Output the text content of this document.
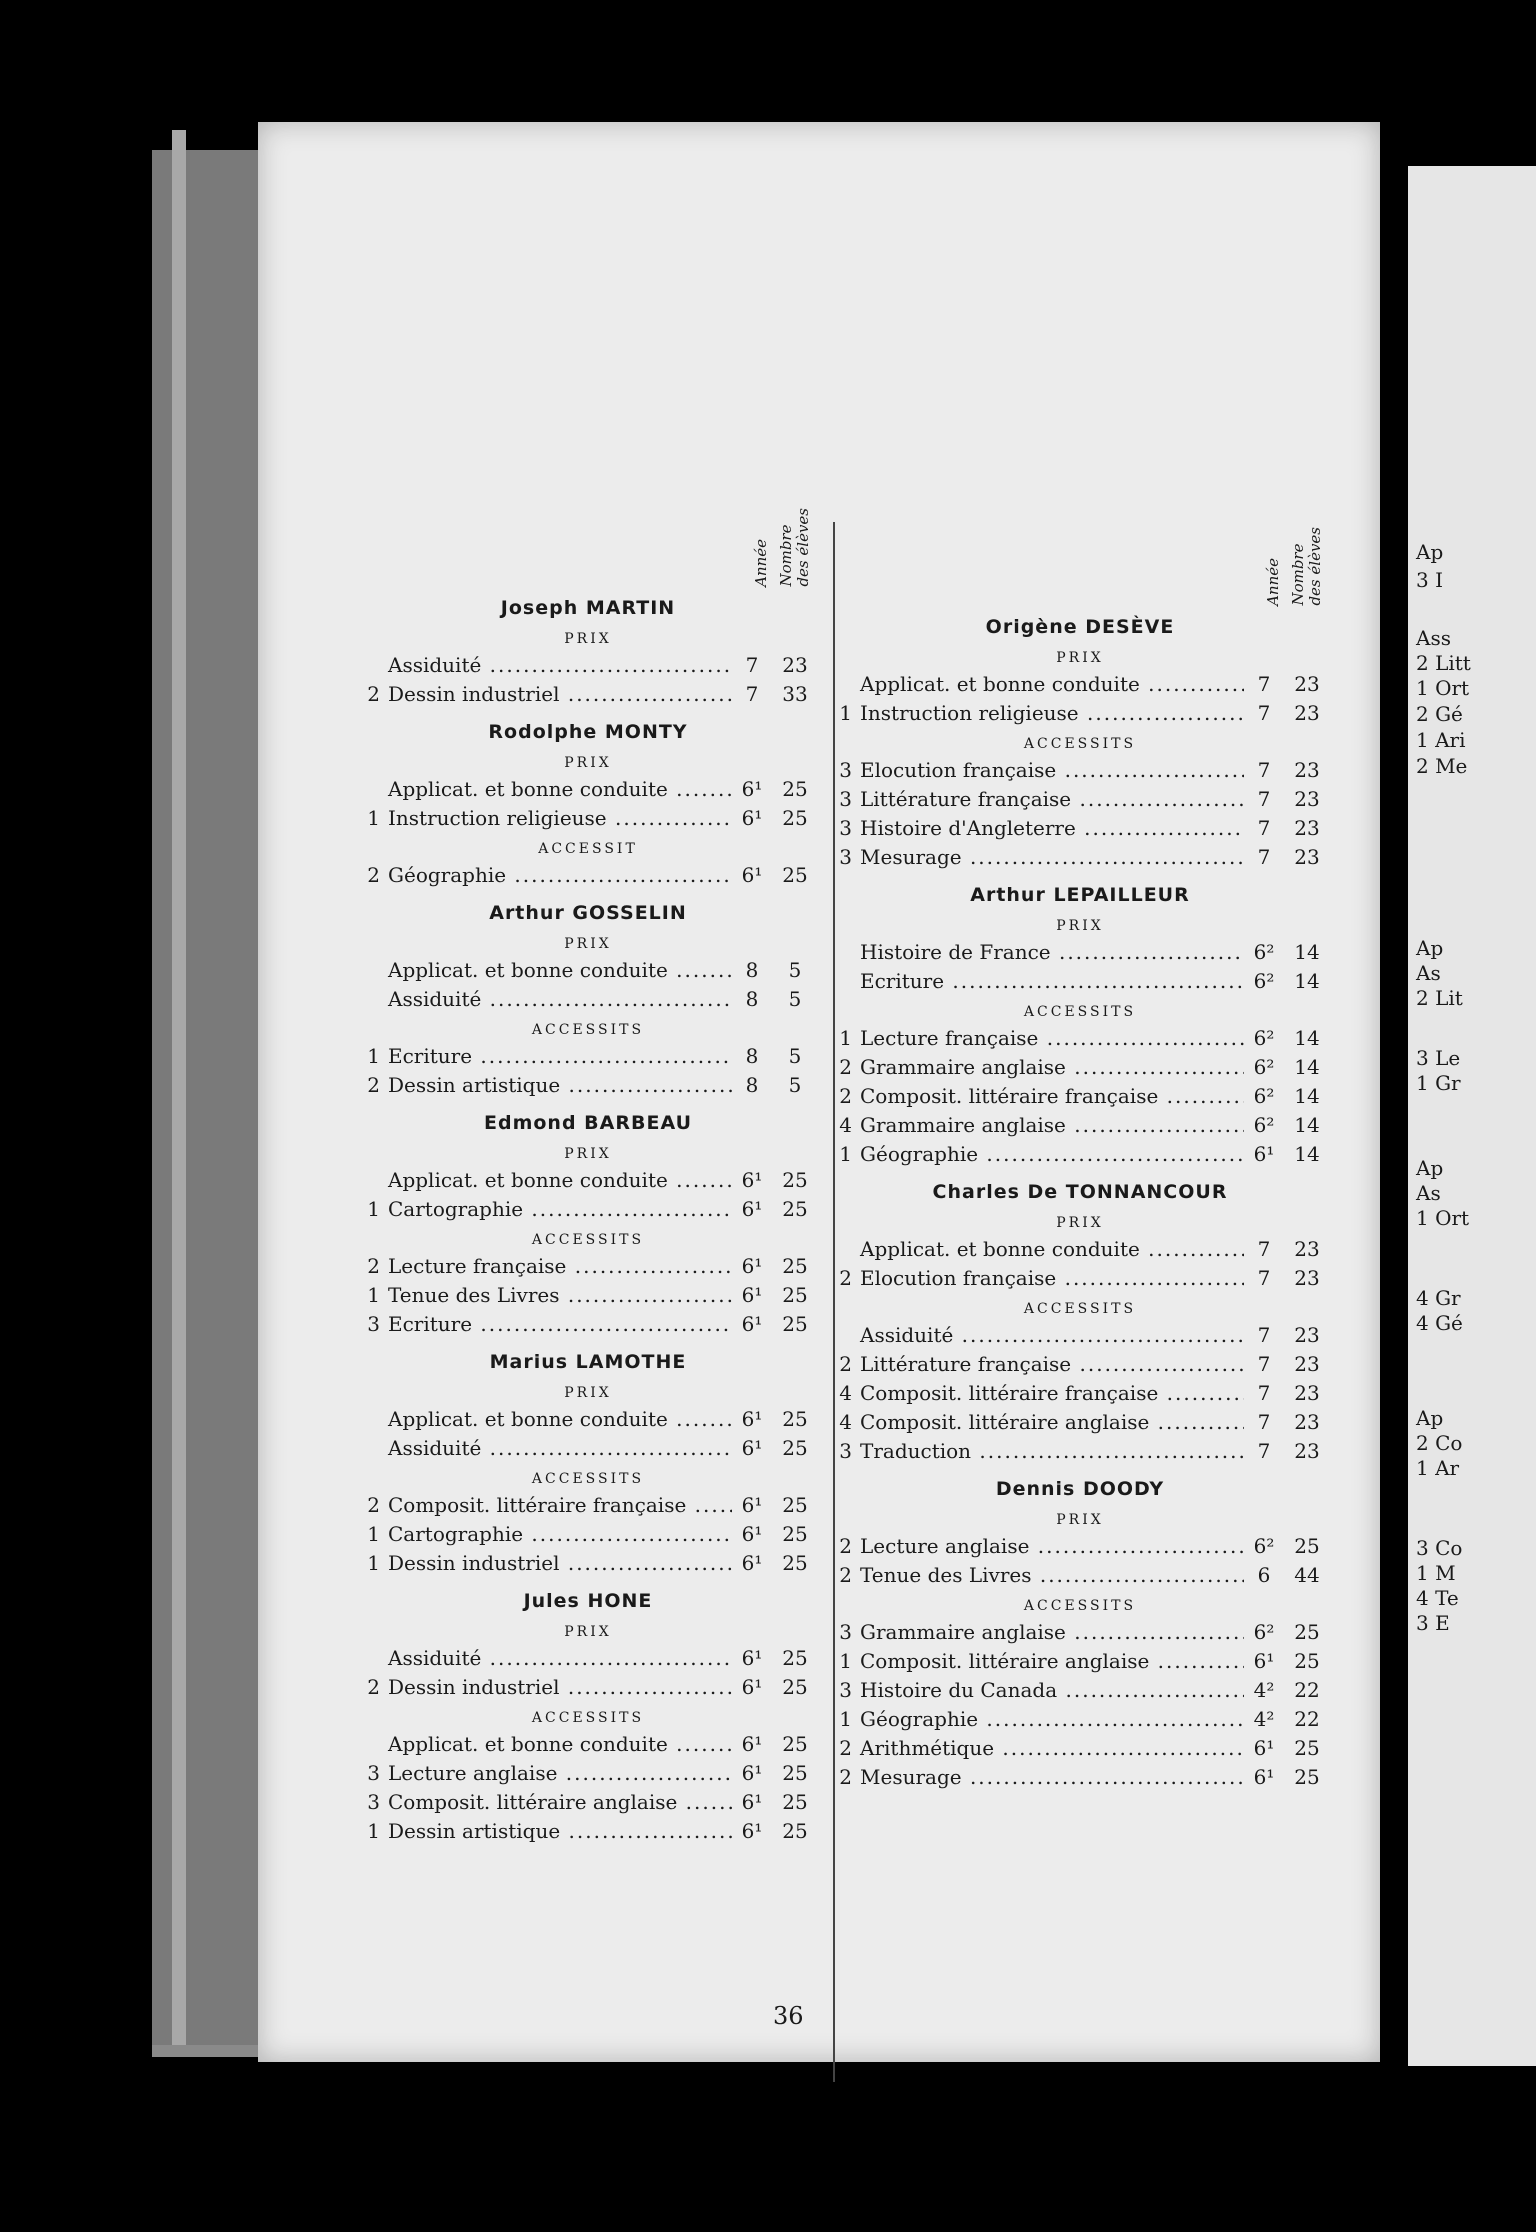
Année Nombre
des élèves
Joseph MARTIN
PRIX
Assiduité .....	7	23
2 Dessin industriel .....	7	33
Rodolphe MONTY
PRIX
Applicat. et bonne conduite .....	6¹ 25
1 Instruction religieuse .....	6¹ 25
ACCESSIT
2 Géographie .....	6¹ 25
Arthur GOSSELIN
PRIX
Applicat. et bonne conduite .....	8	5
Assiduité .....	8	5
ACCESSITS
1 Ecriture .....	8	5
2 Dessin artistique .....	8	5
Edmond BARBEAU
PRIX
Applicat. et bonne conduite .....	6¹ 25
1 Cartographie .....	6¹ 25
ACCESSITS
2 Lecture française .....	6¹ 25
1 Tenue des Livres .....	6¹ 25
3 Ecriture .....	6¹ 25
Marius LAMOTHE
PRIX
Applicat. et bonne conduite .....	6¹ 25
Assiduité .....	6¹ 25
ACCESSITS
2 Composit. littéraire française .....	6¹ 25
1 Cartographie .....	6¹ 25
1 Dessin industriel .....	6¹ 25
Jules HONE
PRIX
Assiduité .....	6¹ 25
2 Dessin industriel .....	6¹ 25
ACCESSITS
Applicat. et bonne conduite .....	6¹ 25
3 Lecture anglaise .....	6¹ 25
3 Composit. littéraire anglaise .....	6¹ 25
1 Dessin artistique .....	6¹ 25
Année Nombre
des élèves
Origène DESÈVE
PRIX
Applicat. et bonne conduite .....	7	23
1 Instruction religieuse .....	7	23
ACCESSITS
3 Elocution française .....	7	23
3 Littérature française .....	7	23
3 Histoire d'Angleterre .....	7	23
3 Mesurage .....	7	23
Arthur LEPAILLEUR
PRIX
Histoire de France .....	6² 14
Ecriture .....	6² 14
ACCESSITS
1 Lecture française .....	6² 14
2 Grammaire anglaise .....	6² 14
2 Composit. littéraire française .....	6² 14
4 Grammaire anglaise .....	6² 14
1 Géographie .....	6¹ 14
Charles De TONNANCOUR
PRIX
Applicat. et bonne conduite .....	7	23
2 Elocution française .....	7	23
ACCESSITS
Assiduité .....	7	23
2 Littérature française .....	7	23
4 Composit. littéraire française .....	7	23
4 Composit. littéraire anglaise .....	7	23
3 Traduction .....	7	23
Dennis DOODY
PRIX
2 Lecture anglaise .....	6² 25
2 Tenue des Livres .....	6	44
ACCESSITS
3 Grammaire anglaise .....	6² 25
1 Composit. littéraire anglaise .....	6¹ 25
3 Histoire du Canada .....	4² 22
1 Géographie .....	4² 22
2 Arithmétique .....	6¹ 25
2 Mesurage .....	6¹ 25
36
Ap
3 I
Ass
2 Litt
1 Ort
2 Gé
1 Ari
2 Me
Ap
As
2 Lit
3 Le
1 Gr
Ap
As
1 Ort
4 Gr
4 Gé
Ap
2 Co
1 Ar
3 Co
1 M
4 Te
3 E
